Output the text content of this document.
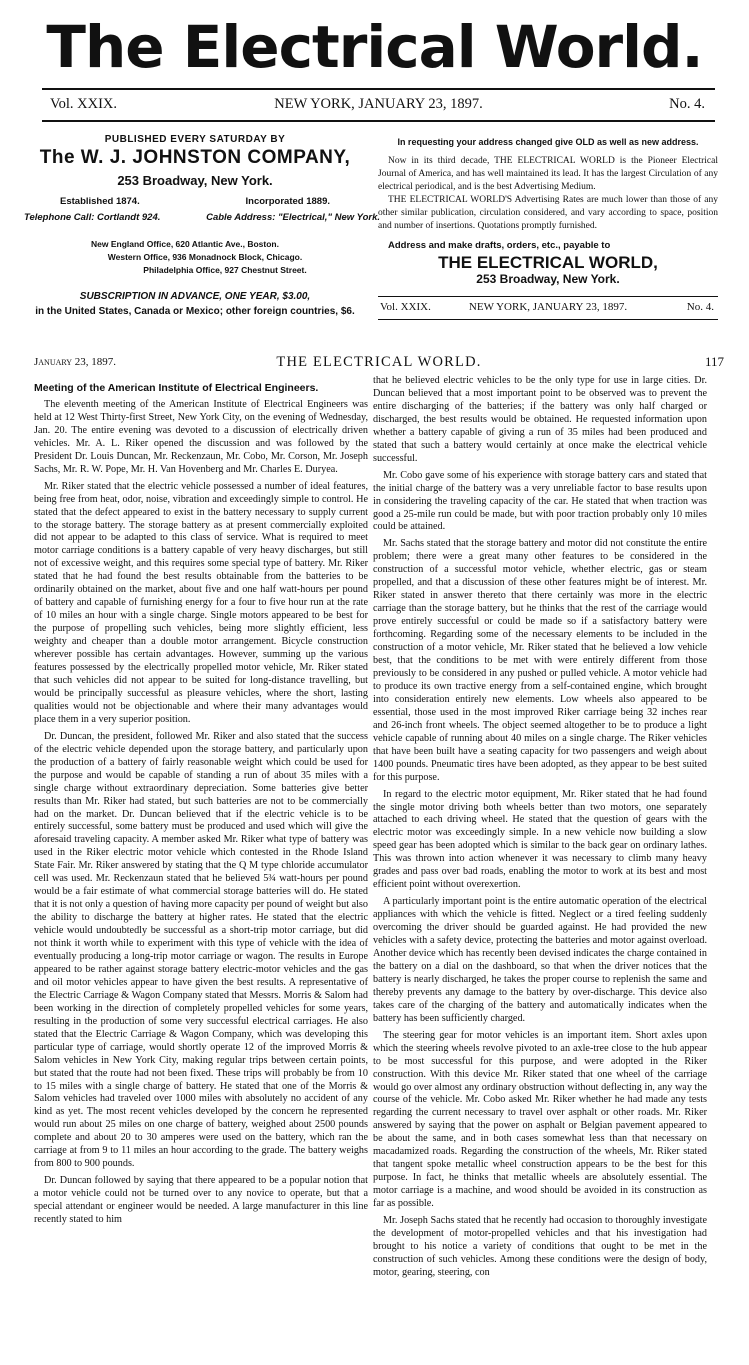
The Electrical World.
NEW YORK, JANUARY 23, 1897.
Vol. XXIX.	No. 4.
PUBLISHED EVERY SATURDAY BY
The W. J. JOHNSTON COMPANY,
253 Broadway, New York.
Established 1874.	Incorporated 1889.
Telephone Call: Cortlandt 924.	Cable Address: "Electrical," New York.
New England Office, 620 Atlantic Ave., Boston.
Western Office, 936 Monadnock Block, Chicago.
Philadelphia Office, 927 Chestnut Street.
SUBSCRIPTION IN ADVANCE, ONE YEAR, $3.00,
in the United States, Canada or Mexico; other foreign countries, $6.
In requesting your address changed give OLD as well as new address.

Now in its third decade, THE ELECTRICAL WORLD is the Pioneer Electrical Journal of America, and has well maintained its lead. It has the largest Circulation of any electrical periodical, and is the best Advertising Medium.

THE ELECTRICAL WORLD'S Advertising Rates are much lower than those of any other similar publication, circulation considered, and vary according to space, position and number of insertions. Quotations promptly furnished.

Address and make drafts, orders, etc., payable to
THE ELECTRICAL WORLD,
253 Broadway, New York.
NEW YORK, JANUARY 23, 1897.
Vol. XXIX.	No. 4.
THE ELECTRICAL WORLD.
January 23, 1897.	117
Meeting of the American Institute of Electrical Engineers.

The eleventh meeting of the American Institute of Electrical Engineers was held at 12 West Thirty-first Street, New York City, on the evening of Wednesday, Jan. 20. The entire evening was devoted to a discussion of electrically driven vehicles. Mr. A. L. Riker opened the discussion and was followed by the President Dr. Louis Duncan, Mr. Reckenzaun, Mr. Cobo, Mr. Corson, Mr. Joseph Sachs, Mr. R. W. Pope, Mr. H. Van Hovenberg and Mr. Charles E. Duryea.

Mr. Riker stated that the electric vehicle possessed a number of ideal features, being free from heat, odor, noise, vibration and exceedingly simple to control. He stated that the defect appeared to exist in the battery necessary to supply current to the storage battery. The storage battery as at present commercially exploited did not appear to be adapted to this class of service. What is required to meet motor carriage conditions is a battery capable of very heavy discharges, but still not of excessive weight, and this requires some special type of battery. Mr. Riker stated that he had found the best results obtainable from the batteries to be ordinarily obtained on the market, about five and one half watt-hours per pound of battery and capable of furnishing energy for a four to five hour run at the rate of 10 miles an hour with a single charge. Single motors appeared to be best for the purpose of propelling such vehicles, being more slightly efficient, less weighty and cheaper than a double motor arrangement. Bicycle construction wherever possible has certain advantages. However, summing up the various features possessed by the electrically propelled motor vehicle, Mr. Riker stated that such vehicles did not appear to be suited for long-distance travelling, but would be principally successful as pleasure vehicles, where the short, lasting qualities would not be objectionable and where their many advantages would place them in a very superior position.

Dr. Duncan, the president, followed Mr. Riker and also stated that the success of the electric vehicle depended upon the storage battery, and particularly upon the production of a battery of fairly reasonable weight which could be used for the purpose and would be capable of standing a run of about 35 miles with a single charge without extraordinary depreciation. Some batteries give better results than Mr. Riker had stated, but such batteries are not to be commercially had on the market. Dr. Duncan believed that if the electric vehicle is to be entirely successful, some battery must be produced and used which will give the aforesaid traveling capacity. A member asked Mr. Riker what type of battery was used in the Riker electric motor vehicle which contested in the Rhode Island State Fair. Mr. Riker answered by stating that the Q M type chloride accumulator cell was used. Mr. Reckenzaun stated that he believed 5¾ watt-hours per pound would be a fair estimate of what commercial storage batteries will do. He stated that it is not only a question of having more capacity per pound of weight but also the ability to discharge the battery at higher rates. He stated that the electric vehicle would undoubtedly be successful as a short-trip motor carriage, but did not think it worth while to experiment with this type of vehicle with the idea of eventually producing a long-trip motor carriage or wagon. The results in Europe appeared to be rather against storage battery electric-motor vehicles and the gas and oil motor vehicles appear to have given the best results. A representative of the Electric Carriage & Wagon Company stated that Messrs. Morris & Salom had been working in the direction of completely propelled vehicles for some years, resulting in the production of some very successful electrical carriages. He also stated that the Electric Carriage & Wagon Company, which was developing this particular type of carriage, would shortly operate 12 of the improved Morris & Salom vehicles in New York City, making regular trips between certain points, but stated that the route had not been fixed. These trips will probably be from 10 to 15 miles with a single charge of battery. He stated that one of the Morris & Salom vehicles had traveled over 1000 miles with absolutely no accident of any kind as yet. The most recent vehicles developed by the concern he represented would run about 25 miles on one charge of battery, weighed about 2500 pounds complete and about 20 to 30 amperes were used on the battery, which ran the carriage at from 9 to 11 miles an hour according to the grade. The battery weighs from 800 to 900 pounds.

Dr. Duncan followed by saying that there appeared to be a popular notion that a motor vehicle could not be turned over to any novice to operate, but that a special attendant or engineer would be needed. A large manufacturer in this line recently stated to him

that he believed electric vehicles to be the only type for use in large cities. Dr. Duncan believed that a most important point to be observed was to prevent the entire discharging of the batteries; if the battery was only half charged or discharged, the best results would be obtained. He requested information upon whether a battery capable of giving a run of 35 miles had been produced and stated that such a battery would certainly at once make the electrical vehicle successful.

Mr. Cobo gave some of his experience with storage battery cars and stated that the initial charge of the battery was a very unreliable factor to base results upon in considering the traveling capacity of the car. He stated that when traction was good a 25-mile run could be made, but with poor traction probably only 10 miles could be attained.

Mr. Sachs stated that the storage battery and motor did not constitute the entire problem; there were a great many other features to be considered in the construction of a successful motor vehicle, whether electric, gas or steam propelled, and that a discussion of these other features might be of interest. Mr. Riker stated in answer thereto that there certainly was more in the electric carriage than the storage battery, but he thinks that the rest of the carriage would prove entirely successful or could be made so if a satisfactory battery were forthcoming. Regarding some of the necessary elements to be included in the construction of a motor vehicle, Mr. Riker stated that he believed a low vehicle best, that the conditions to be met with were entirely different from those previously to be considered in any pushed or pulled vehicle. A motor vehicle had to produce its own tractive energy from a self-contained engine, which brought into consideration entirely new elements. Low wheels also appeared to be essential, those used in the most improved Riker carriage being 32 inches rear and 26-inch front wheels. The object seemed altogether to be to produce a light vehicle capable of running about 40 miles on a single charge. The Riker vehicles that have been built have a seating capacity for two passengers and weigh about 1400 pounds. Pneumatic tires have been adopted, as they appear to be best suited for this purpose.

In regard to the electric motor equipment, Mr. Riker stated that he had found the single motor driving both wheels better than two motors, one separately attached to each driving wheel. He stated that the question of gears with the electric motor was exceedingly simple. In a new vehicle now building a slow speed gear has been adopted which is similar to the back gear on ordinary lathes. This was thrown into action whenever it was necessary to climb many heavy grades and pass over bad roads, enabling the motor to work at its best and most efficient point without overexertion.

A particularly important point is the entire automatic operation of the electrical appliances with which the vehicle is fitted. Neglect or a tired feeling suddenly overcoming the driver should be guarded against. He had provided the new vehicles with a safety device, protecting the batteries and motor against overload. Another device which has recently been devised indicates the charge contained in the battery on a dial on the dashboard, so that when the driver notices that the battery is nearly discharged, he takes the proper course to replenish the same and thereby prevents any damage to the battery by over-discharge. This device also takes care of the charging of the battery and automatically indicates when the battery has been sufficiently charged.

The steering gear for motor vehicles is an important item. Short axles upon which the steering wheels revolve pivoted to an axle-tree close to the hub appear to be most successful for this purpose, and were adopted in the Riker construction. With this device Mr. Riker stated that one wheel of the carriage would go over almost any ordinary obstruction without deflecting in, any way the course of the vehicle. Mr. Cobo asked Mr. Riker whether he had made any tests regarding the current necessary to travel over asphalt or other roads. Mr. Riker answered by saying that the power on asphalt or Belgian pavement appeared to be about the same, and in both cases somewhat less than that necessary on macadamized roads. Regarding the construction of the wheels, Mr. Riker stated that tangent spoke metallic wheel construction appears to be the best for this purpose. In fact, he thinks that metallic wheels are absolutely essential. The motor carriage is a machine, and wood should be avoided in its construction as far as possible.

Mr. Joseph Sachs stated that he recently had occasion to thoroughly investigate the development of motor-propelled vehicles and that his investigation had brought to his notice a variety of conditions that ought to be met in the construction of such vehicles. Among these conditions were the design of body, motor, gearing, steering, con
